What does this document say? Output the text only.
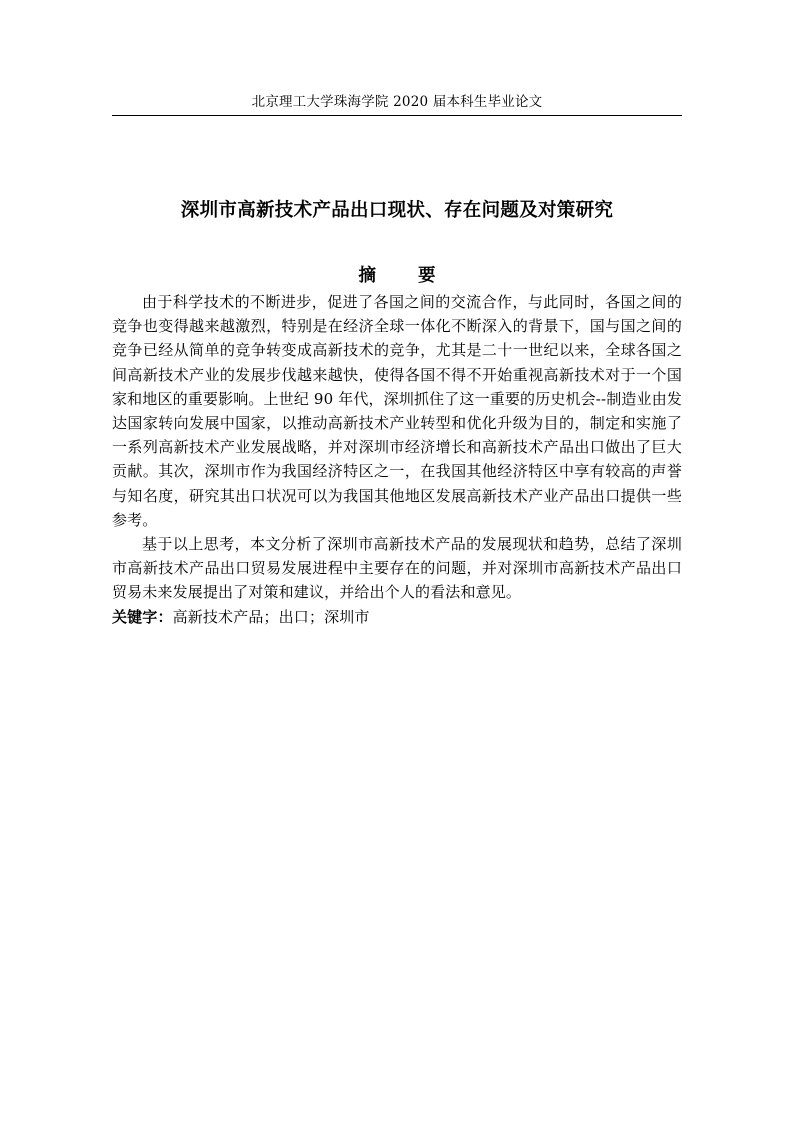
北京理工大学珠海学院 2020 届本科生毕业论文
深圳市高新技术产品出口现状、存在问题及对策研究
摘 要

由于科学技术的不断进步，促进了各国之间的交流合作，与此同时，各国之间的竞争也变得越来越激烈，特别是在经济全球一体化不断深入的背景下，国与国之间的竞争已经从简单的竞争转变成高新技术的竞争，尤其是二十一世纪以来，全球各国之间高新技术产业的发展步伐越来越快，使得各国不得不开始重视高新技术对于一个国家和地区的重要影响。上世纪 90 年代，深圳抓住了这一重要的历史机会--制造业由发达国家转向发展中国家，以推动高新技术产业转型和优化升级为目的，制定和实施了一系列高新技术产业发展战略，并对深圳市经济增长和高新技术产品出口做出了巨大贡献。其次，深圳市作为我国经济特区之一，在我国其他经济特区中享有较高的声誉与知名度，研究其出口状况可以为我国其他地区发展高新技术产业产品出口提供一些参考。

基于以上思考，本文分析了深圳市高新技术产品的发展现状和趋势，总结了深圳市高新技术产品出口贸易发展进程中主要存在的问题，并对深圳市高新技术产品出口贸易未来发展提出了对策和建议，并给出个人的看法和意见。

关键字：高新技术产品；出口；深圳市
